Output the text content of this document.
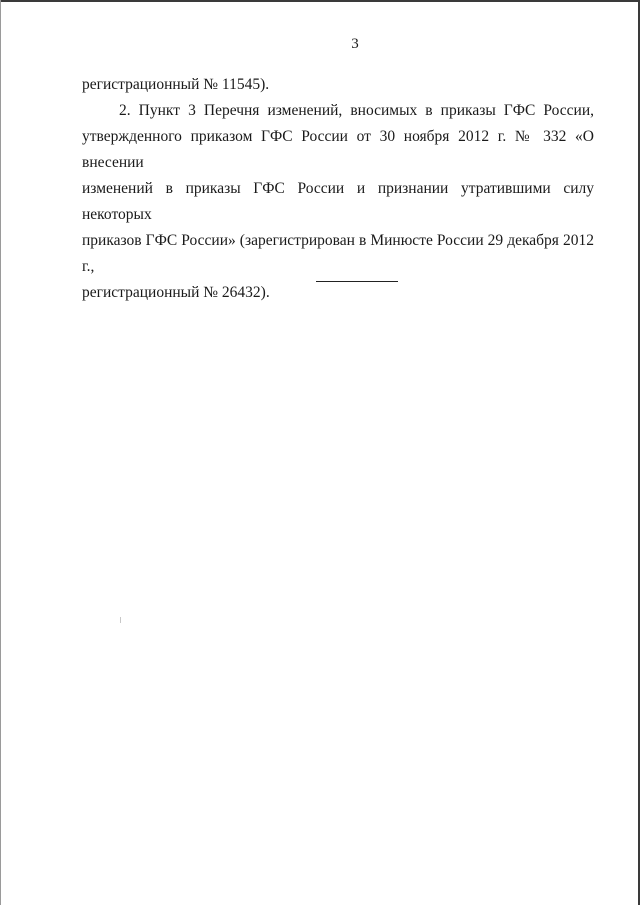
3
регистрационный № 11545).
2. Пункт 3 Перечня изменений, вносимых в приказы ГФС России,
утвержденного приказом ГФС России от 30 ноября 2012 г. № 332 «О внесении
изменений в приказы ГФС России и признании утратившими силу некоторых
приказов ГФС России» (зарегистрирован в Минюсте России 29 декабря 2012 г.,
регистрационный № 26432).
